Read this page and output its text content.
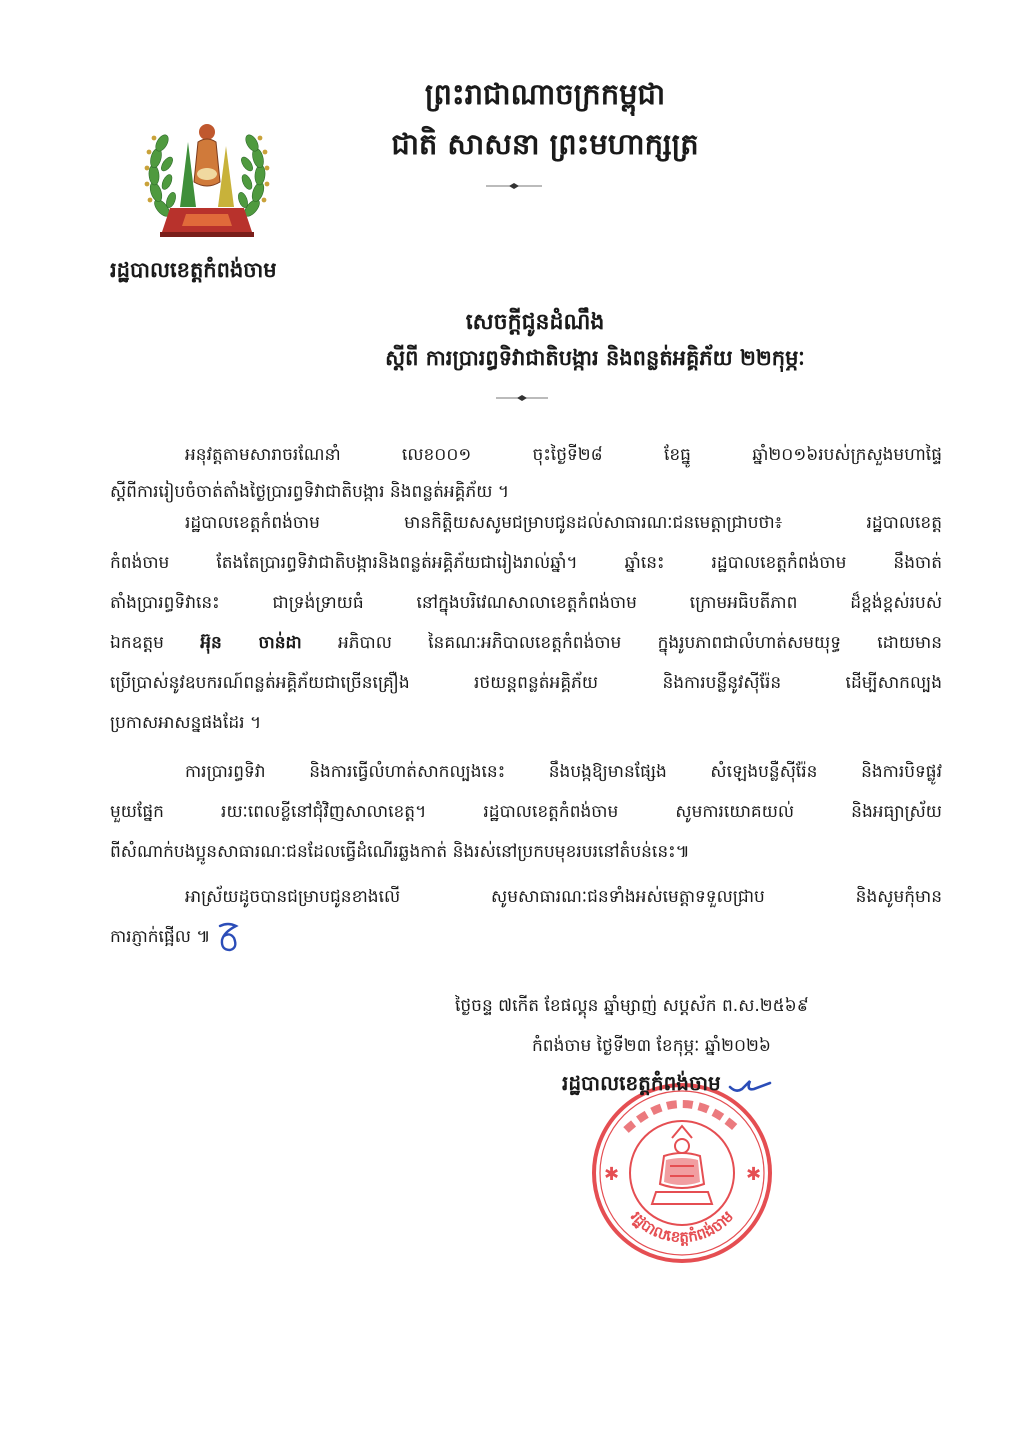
ព្រះរាជាណាចក្រកម្ពុជា
ជាតិ សាសនា ព្រះមហាក្សត្រ
រដ្ឋបាលខេត្តកំពង់ចាម
សេចក្តីជូនដំណឹង
ស្តីពី ការប្រារព្ធទិវាជាតិបង្ការ និងពន្លត់អគ្គិភ័យ ២២កុម្ភៈ
អនុវត្តតាមសារាចរណែនាំ លេខ០០១ ចុះថ្ងៃទី២៨ ខែធ្នូ ឆ្នាំ២០១៦របស់ក្រសួងមហាផ្ទៃ
ស្តីពីការរៀបចំចាត់តាំងថ្ងៃប្រារព្ធទិវាជាតិបង្ការ និងពន្លត់អគ្គិភ័យ ។
រដ្ឋបាលខេត្តកំពង់ចាម មានកិត្តិយសសូមជម្រាបជូនដល់សាធារណៈជនមេត្តាជ្រាបថា៖ រដ្ឋបាលខេត្ត
កំពង់ចាម តែងតែប្រារព្ធទិវាជាតិបង្ការនិងពន្លត់អគ្គិភ័យជារៀងរាល់ឆ្នាំ។ ឆ្នាំនេះ រដ្ឋបាលខេត្តកំពង់ចាម នឹងចាត់
តាំងប្រារព្ធទិវានេះ ជាទ្រង់ទ្រាយធំ នៅក្នុងបរិវេណសាលាខេត្តកំពង់ចាម ក្រោមអធិបតីភាព ដ៏ខ្ពង់ខ្ពស់របស់
ឯកឧត្តម អ៊ុន ចាន់ដា អភិបាល នៃគណៈអភិបាលខេត្តកំពង់ចាម ក្នុងរូបភាពជាលំហាត់សមយុទ្ធ ដោយមាន
ប្រើប្រាស់នូវឧបករណ៍ពន្លត់អគ្គិភ័យជាច្រើនគ្រឿង រថយន្តពន្លត់អគ្គិភ័យ និងការបន្លឺនូវស៊ីរ៉ែន ដើម្បីសាកល្បង
ប្រកាសអាសន្នផងដែរ ។
ការប្រារព្ធទិវា និងការធ្វើលំហាត់សាកល្បងនេះ នឹងបង្កឱ្យមានផ្សែង សំឡេងបន្លឺស៊ីរ៉ែន និងការបិទផ្លូវ
មួយផ្នែក រយៈពេលខ្លីនៅជុំវិញសាលាខេត្ត។ រដ្ឋបាលខេត្តកំពង់ចាម សូមការយោគយល់ និងអធ្យាស្រ័យ
ពីសំណាក់បងប្អូនសាធារណៈជនដែលធ្វើដំណើរឆ្លងកាត់ និងរស់នៅប្រកបមុខរបរនៅតំបន់នេះ៕
អាស្រ័យដូចបានជម្រាបជូនខាងលើ សូមសាធារណៈជនទាំងអស់មេត្តាទទួលជ្រាប និងសូមកុំមាន
ការភ្ញាក់ផ្អើល ៕
ថ្ងៃចន្ទ ៧កើត ខែផល្គុន ឆ្នាំម្សាញ់ សប្តស័ក ព.ស.២៥៦៩
កំពង់ចាម ថ្ងៃទី២៣ ខែកុម្ភៈ ឆ្នាំ២០២៦
រដ្ឋបាលខេត្តកំពង់ចាម
✱	✱
រដ្ឋបាលខេត្តកំពង់ចាម
